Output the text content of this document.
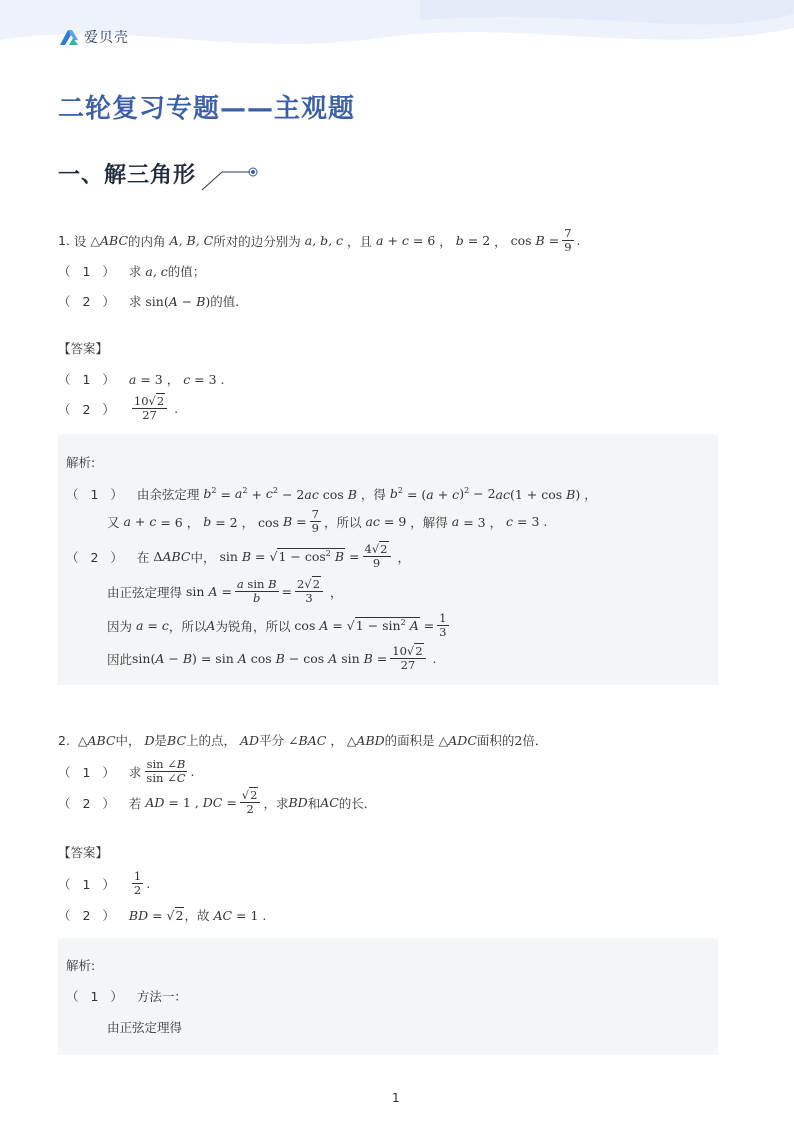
爱贝壳
二轮复习专题——主观题
一、解三角形
1.
设 △ ABC 的内角 A, B, C 所对的边分别为 a, b, c ，且 a + c = 6 ， b = 2 ， $\cos B = \frac{7}{9}$ .
（ 1 ） 求 a, c 的值；
（ 2 ） 求 sin( A − B ) 的值．
【答案】
（ 1 ） a = 3 ， c = 3 .
（ 2 ） $\frac{10√2}{27}$ .
解析:
（ 1 ） 由余弦定理 $b^2 = a^2 + c^2 - 2$ ac cos B ，得 $b^2$ = ( a + c )$^2$ − 2 ac (1 + cos B ) ，
又 a + c = 6 ， b = 2 ， $\cos B = \frac{7}{9}$ ，所以 ac = 9 ，解得 a = 3 ， c = 3 .
（ 2 ） 在 Δ ABC 中， $\sin B = √1 - \cos^2 B = \frac{4√2}{9}$ ，
由正弦定理得 $\sin A = \frac{\text{a sin B}}{b} = \frac{2√2}{3}$ ，
因为 a = c ，所以 A 为锐角，所以 $\cos A = √1 - \sin^2 A = \frac{1}{3}$
因此 sin( A − B ) = sin A cos B − cos A $\sin B = \frac{10√2}{27}$ .
2. △ ABC 中， D 是 BC 上的点， AD 平分 ∠ BAC ， △ ABD 的面积是 △ ADC 面积的 2 倍．
（ 1 ） 求 $\frac{\sin \angle B}{\sin \angle C}$ .
（ 2 ） 若 AD = 1 , DC = $\frac{√2}{2}$ ，求 BD 和 AC 的长．
【答案】
（ 1 ） $\frac{1}{2}$ .
（ 2 ） BD = √2 ，故 AC = 1 .
解析:
（ 1 ） 方法一：
由正弦定理得
1
